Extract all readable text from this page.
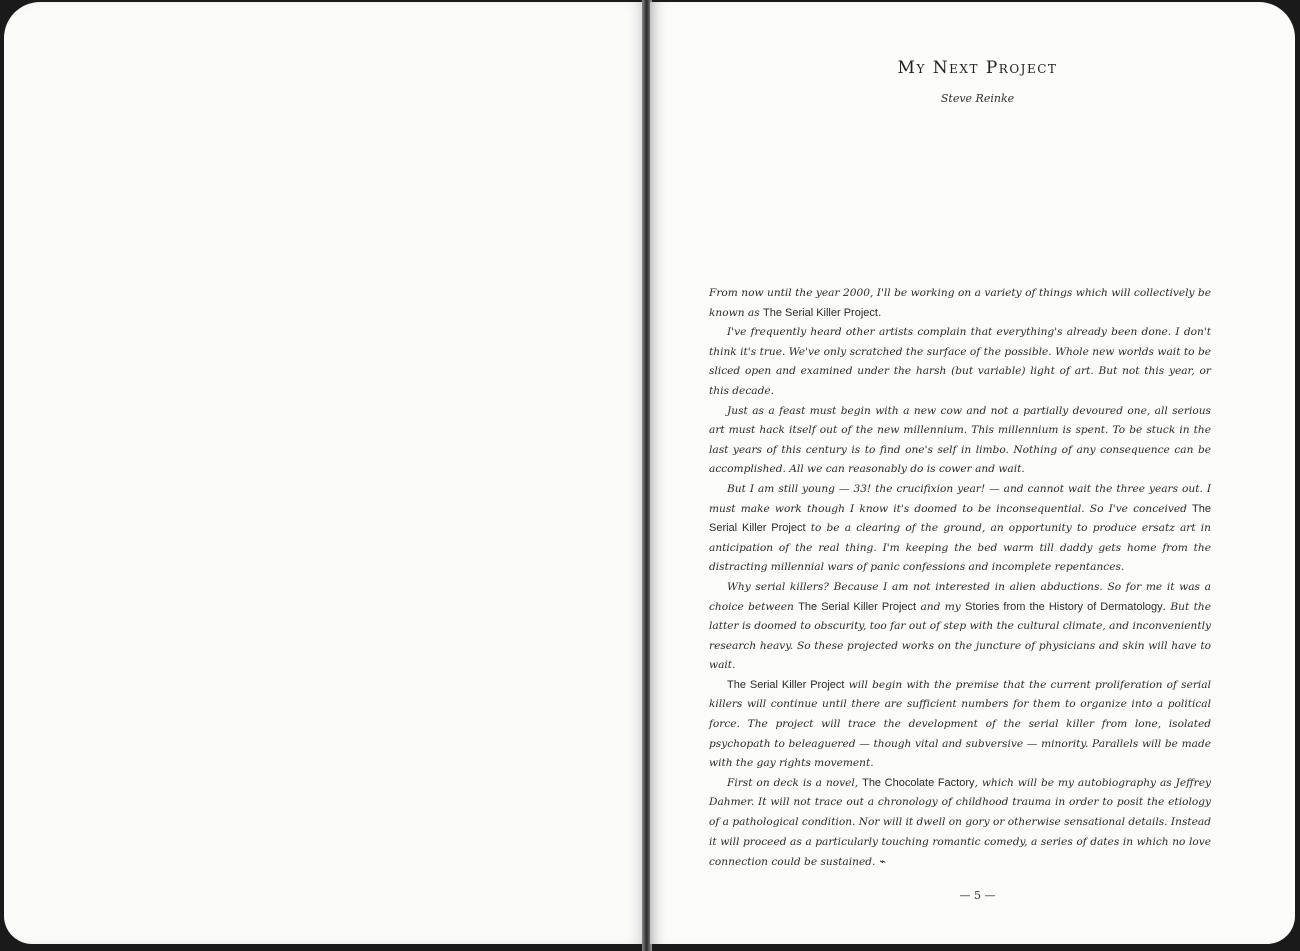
My Next Project
Steve Reinke

From now until the year 2000, I'll be working on a variety of things which will collectively be known as The Serial Killer Project.

I've frequently heard other artists complain that everything's already been done. I don't think it's true. We've only scratched the surface of the possible. Whole new worlds wait to be sliced open and examined under the harsh (but variable) light of art. But not this year, or this decade.

Just as a feast must begin with a new cow and not a partially devoured one, all serious art must hack itself out of the new millennium. This millennium is spent. To be stuck in the last years of this century is to find one's self in limbo. Nothing of any consequence can be accomplished. All we can reasonably do is cower and wait.

But I am still young — 33! the crucifixion year! — and cannot wait the three years out. I must make work though I know it's doomed to be inconsequential. So I've conceived The Serial Killer Project to be a clearing of the ground, an opportunity to produce ersatz art in anticipation of the real thing. I'm keeping the bed warm till daddy gets home from the distracting millennial wars of panic confessions and incomplete repentances.

Why serial killers? Because I am not interested in alien abductions. So for me it was a choice between The Serial Killer Project and my Stories from the History of Dermatology. But the latter is doomed to obscurity, too far out of step with the cultural climate, and inconveniently research heavy. So these projected works on the juncture of physicians and skin will have to wait.

The Serial Killer Project will begin with the premise that the current proliferation of serial killers will continue until there are sufficient numbers for them to organize into a political force. The project will trace the development of the serial killer from lone, isolated psychopath to beleaguered — though vital and subversive — minority. Parallels will be made with the gay rights movement.

First on deck is a novel, The Chocolate Factory, which will be my autobiography as Jeffrey Dahmer. It will not trace out a chronology of childhood trauma in order to posit the etiology of a pathological condition. Nor will it dwell on gory or otherwise sensational details. Instead it will proceed as a particularly touching romantic comedy, a series of dates in which no love connection could be sustained. ⌁

— 5 —
